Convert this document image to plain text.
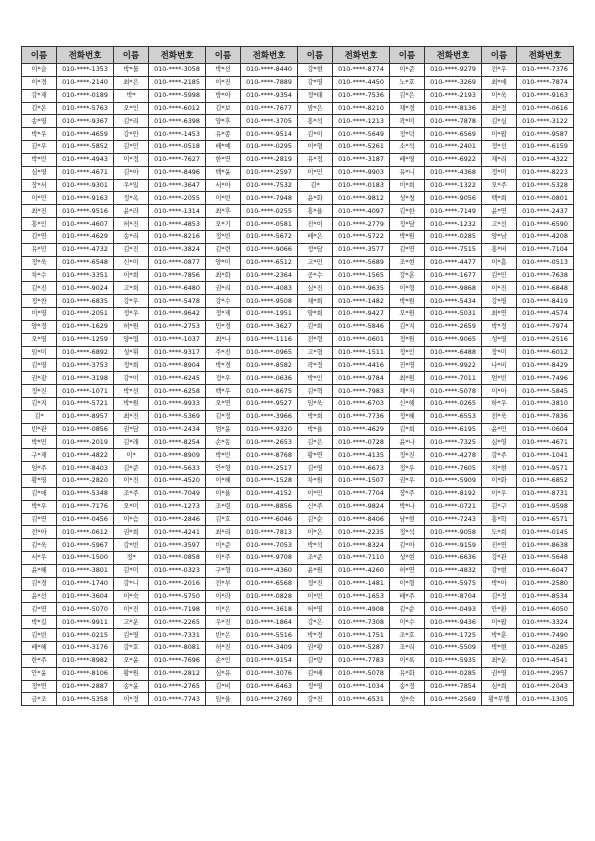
이름	전화번호	이름	전화번호	이름	전화번호	이름	전화번호	이름	전화번호	이름	전화번호
이*슬	010-****-1353	박*물	010-****-3058	박*선	010-****-8440	강*현	010-****-8774	이*준	010-****-9279	전*우	010-****-7376
이*경	010-****-2140	최*은	010-****-2185	이*진	010-****-7889	강*영	010-****-4450	노*호	010-****-3269	최*애	010-****-7874
강*재	010-****-0189	박*	010-****-5998	방*아	010-****-9354	정*태	010-****-7536	김*은	010-****-2193	이*욱	010-****-9163
김*온	010-****-5763	오*인	010-****-6012	김*보	010-****-7677	맘*은	010-****-8210	채*경	010-****-8136	최*정	010-****-0616
송*영	010-****-9367	김*리	010-****-6398	양*후	010-****-3705	홍*석	010-****-1213	곽*미	010-****-7878	김*심	010-****-3122
박*우	010-****-4659	강*안	010-****-1453	유*종	010-****-9514	김*이	010-****-5649	정*덕	010-****-6569	이*팝	010-****-9587
김*우	010-****-5852	김*민	010-****-0518	배*예	010-****-0295	이*형	010-****-5261	소*석	010-****-2401	정*선	010-****-6159
박*민	010-****-4943	이*정	010-****-7627	한*연	010-****-2819	유*정	010-****-3187	배*영	010-****-6922	제*리	010-****-4322
심*영	010-****-4671	김*아	010-****-8496	백*윤	010-****-2597	이*민	010-****-9903	유*니	010-****-4368	정*미	010-****-8223
장*서	010-****-9301	우*일	010-****-3647	서*아	010-****-7532	김*	010-****-0183	이*희	010-****-1322	오*주	010-****-5328
이*민	010-****-9163	정*옥	010-****-2055	이*빈	010-****-7948	윤*화	010-****-9812	성*청	010-****-9056	백*희	010-****-0801
최*진	010-****-9516	윤*라	010-****-1314	최*후	010-****-0255	홍*율	010-****-4097	김*한	010-****-7149	윤*연	010-****-2437
홍*인	010-****-4607	허*진	010-****-4853	오*기	010-****-0581	진*이	010-****-2779	정*담	010-****-1232	고*선	010-****-6590
김*연	010-****-4629	송*리	010-****-8216	정*빈	010-****-5672	배*은	010-****-5722	박*원	010-****-0285	양*남	010-****-4208
유*민	010-****-4732	김*진	010-****-3824	김*련	010-****-9066	정*담	010-****-3577	김*연	010-****-7515	홍*비	010-****-7104
정*욱	010-****-6548	신*이	010-****-0877	양*미	010-****-6512	고*민	010-****-5689	조*현	010-****-4477	이*흠	010-****-0513
차*수	010-****-3351	이*희	010-****-7856	최*화	010-****-2364	공*수	010-****-1565	강*훈	010-****-1677	김*민	010-****-7638
김*진	010-****-9024	고*희	010-****-6480	권*리	010-****-4083	심*진	010-****-9635	이*형	010-****-9868	이*진	010-****-6848
정*찬	010-****-6835	강*우	010-****-5478	강*수	010-****-9508	채*희	010-****-1482	박*원	010-****-5434	강*영	010-****-8419
이*영	010-****-2051	정*우	010-****-9642	정*제	010-****-1951	양*희	010-****-9427	오*원	010-****-5031	최*연	010-****-4574
양*정	010-****-1629	허*원	010-****-2753	민*경	010-****-3627	김*희	010-****-5846	김*지	010-****-2659	박*정	010-****-7974
오*영	010-****-1259	양*엽	010-****-1037	최*나	010-****-1116	전*형	010-****-0601	정*원	010-****-9065	성*영	010-****-2516
임*미	010-****-6892	성*휘	010-****-9317	주*진	010-****-0965	고*형	010-****-1511	정*인	010-****-6488	장*미	010-****-6012
김*영	010-****-3753	정*희	010-****-8904	박*경	010-****-8582	곽*정	010-****-4416	진*명	010-****-9922	나*비	010-****-8429
권*광	010-****-3198	강*이	010-****-6245	정*우	010-****-0636	박*인	010-****-9784	최*원	010-****-7011	엄*빈	010-****-7496
정*진	010-****-1071	박*선	010-****-6258	백*우	010-****-8675	김*혁	010-****-7983	채*자	010-****-5078	이*아	010-****-5845
김*지	010-****-5721	박*원	010-****-9933	오*연	010-****-9527	임*욱	010-****-6703	신*해	010-****-0265	하*우	010-****-3810
김*	010-****-8957	최*진	010-****-5369	김*정	010-****-3966	박*희	010-****-7736	정*혜	010-****-6553	전*욱	010-****-7836
빈*관	010-****-0856	권*담	010-****-2434	엄*윤	010-****-9320	박*율	010-****-4629	김*희	010-****-6195	윤*민	010-****-0604
박*민	010-****-2019	김*래	010-****-8254	손*동	010-****-2653	김*은	010-****-0728	윤*나	010-****-7325	심*영	010-****-4671
구*재	010-****-4822	이*	010-****-8909	박*민	010-****-8768	황*연	010-****-4135	정*진	010-****-4278	강*주	010-****-1041
임*주	010-****-8403	김*준	010-****-5633	안*형	010-****-2517	김*영	010-****-6673	정*우	010-****-7605	지*현	010-****-9571
황*영	010-****-2820	이*진	010-****-4520	이*혜	010-****-1528	차*원	010-****-1507	권*우	010-****-5909	이*화	010-****-6852
김*애	010-****-5348	조*주	010-****-7049	이*율	010-****-4152	이*민	010-****-7704	장*주	010-****-8192	이*우	010-****-8731
박*우	010-****-7176	오*미	010-****-1273	조*령	010-****-8856	신*주	010-****-9824	박*나	010-****-0721	김*구	010-****-9598
김*연	010-****-0456	이*슴	010-****-2846	김*호	010-****-6046	김*순	010-****-8406	남*현	010-****-7243	홍*학	010-****-6571
전*아	010-****-0612	권*희	010-****-4241	최*리	010-****-7813	이*은	010-****-2235	정*석	010-****-9058	도*희	010-****-0145
김*욱	010-****-5967	강*빈	010-****-3597	이*준	010-****-7053	박*석	010-****-8324	김*아	010-****-9159	진*연	010-****-8638
서*우	010-****-1500	정*	010-****-0858	이*주	010-****-9708	조*준	010-****-7110	성*현	010-****-6636	강*관	010-****-5648
윤*혜	010-****-3801	김*미	010-****-0323	구*형	010-****-4360	윤*원	010-****-4260	허*연	010-****-4832	강*현	010-****-6047
김*경	010-****-1740	강*니	010-****-2016	전*부	010-****-6568	정*진	010-****-1481	이*형	010-****-5975	박*아	010-****-2580
윤*선	010-****-3604	이*숙	010-****-5750	이*라	010-****-0828	이*빈	010-****-1653	배*주	010-****-8704	김*정	010-****-8534
김*연	010-****-5070	이*진	010-****-7198	이*은	010-****-3618	허*명	010-****-4908	김*순	010-****-0493	안*환	010-****-6050
박*길	010-****-9911	고*운	010-****-2265	우*진	010-****-1864	강*은	010-****-7308	이*수	010-****-9436	이*팝	010-****-3324
김*빈	010-****-0215	김*영	010-****-7331	빈*은	010-****-5516	박*정	010-****-1751	조*호	010-****-1725	박*훈	010-****-7490
배*혜	010-****-3176	강*호	010-****-8081	허*진	010-****-3409	권*황	010-****-5287	조*리	010-****-5509	박*현	010-****-0285
한*주	010-****-8982	오*윤	010-****-7696	손*인	010-****-9154	김*랑	010-****-7783	이*록	010-****-5935	최*운	010-****-4541
안*윤	010-****-8106	황*원	010-****-2812	심*유	010-****-3076	김*배	010-****-5078	유*화	010-****-0285	권*영	010-****-2957
정*연	010-****-2887	송*윤	010-****-2765	김*비	010-****-6463	정*영	010-****-1034	송*정	010-****-7854	심*희	010-****-2043
금*조	010-****-5358	이*정	010-****-7743	임*율	010-****-2769	강*진	010-****-6531	성*숙	010-****-2569	황*무엘	010-****-1305
